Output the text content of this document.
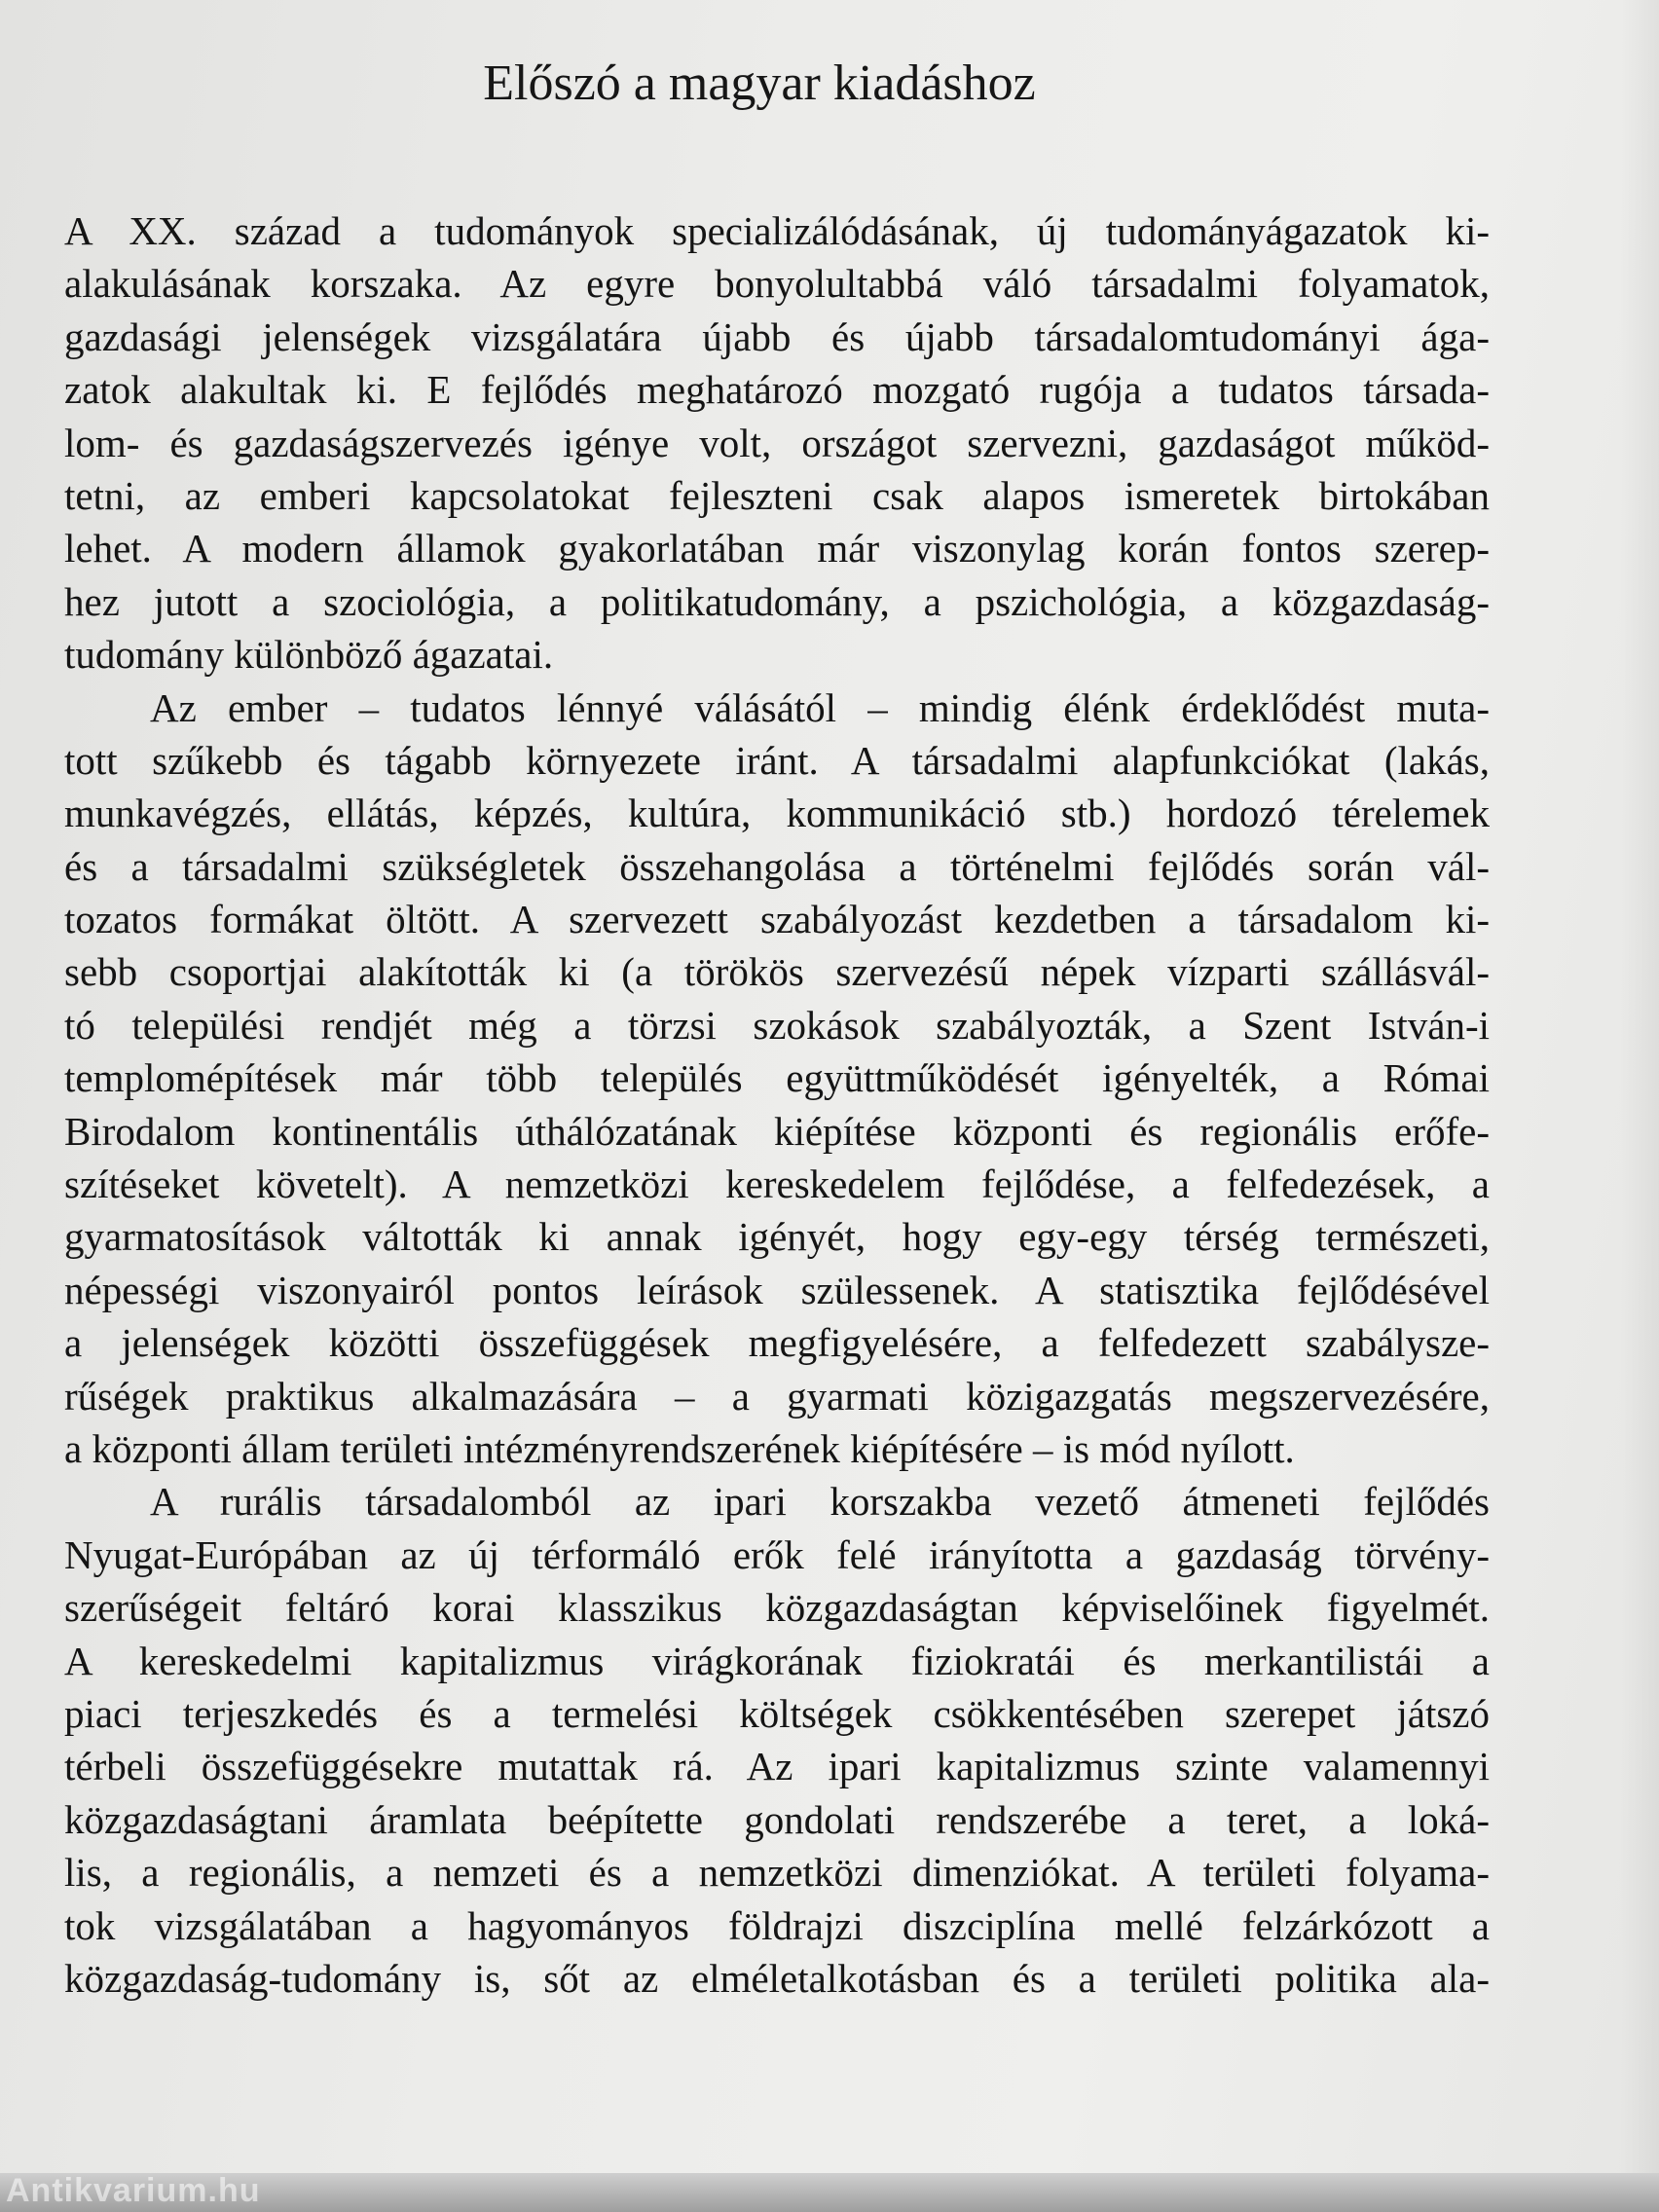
Előszó a magyar kiadáshoz
A XX. század a tudományok specializálódásának, új tudományágazatok ki-
alakulásának korszaka. Az egyre bonyolultabbá váló társadalmi folyamatok,
gazdasági jelenségek vizsgálatára újabb és újabb társadalomtudományi ága-
zatok alakultak ki. E fejlődés meghatározó mozgató rugója a tudatos társada-
lom- és gazdaságszervezés igénye volt, országot szervezni, gazdaságot működ-
tetni, az emberi kapcsolatokat fejleszteni csak alapos ismeretek birtokában
lehet. A modern államok gyakorlatában már viszonylag korán fontos szerep-
hez jutott a szociológia, a politikatudomány, a pszichológia, a közgazdaság-
tudomány különböző ágazatai.
Az ember – tudatos lénnyé válásától – mindig élénk érdeklődést muta-
tott szűkebb és tágabb környezete iránt. A társadalmi alapfunkciókat (lakás,
munkavégzés, ellátás, képzés, kultúra, kommunikáció stb.) hordozó térelemek
és a társadalmi szükségletek összehangolása a történelmi fejlődés során vál-
tozatos formákat öltött. A szervezett szabályozást kezdetben a társadalom ki-
sebb csoportjai alakították ki (a törökös szervezésű népek vízparti szállásvál-
tó települési rendjét még a törzsi szokások szabályozták, a Szent István-i
templomépítések már több település együttműködését igényelték, a Római
Birodalom kontinentális úthálózatának kiépítése központi és regionális erőfe-
szítéseket követelt). A nemzetközi kereskedelem fejlődése, a felfedezések, a
gyarmatosítások váltották ki annak igényét, hogy egy-egy térség természeti,
népességi viszonyairól pontos leírások szülessenek. A statisztika fejlődésével
a jelenségek közötti összefüggések megfigyelésére, a felfedezett szabálysze-
rűségek praktikus alkalmazására – a gyarmati közigazgatás megszervezésére,
a központi állam területi intézményrendszerének kiépítésére – is mód nyílott.
A rurális társadalomból az ipari korszakba vezető átmeneti fejlődés
Nyugat-Európában az új térformáló erők felé irányította a gazdaság törvény-
szerűségeit feltáró korai klasszikus közgazdaságtan képviselőinek figyelmét.
A kereskedelmi kapitalizmus virágkorának fiziokratái és merkantilistái a
piaci terjeszkedés és a termelési költségek csökkentésében szerepet játszó
térbeli összefüggésekre mutattak rá. Az ipari kapitalizmus szinte valamennyi
közgazdaságtani áramlata beépítette gondolati rendszerébe a teret, a loká-
lis, a regionális, a nemzeti és a nemzetközi dimenziókat. A területi folyama-
tok vizsgálatában a hagyományos földrajzi diszciplína mellé felzárkózott a
közgazdaság-tudomány is, sőt az elméletalkotásban és a területi politika ala-
Antikvarium.hu
